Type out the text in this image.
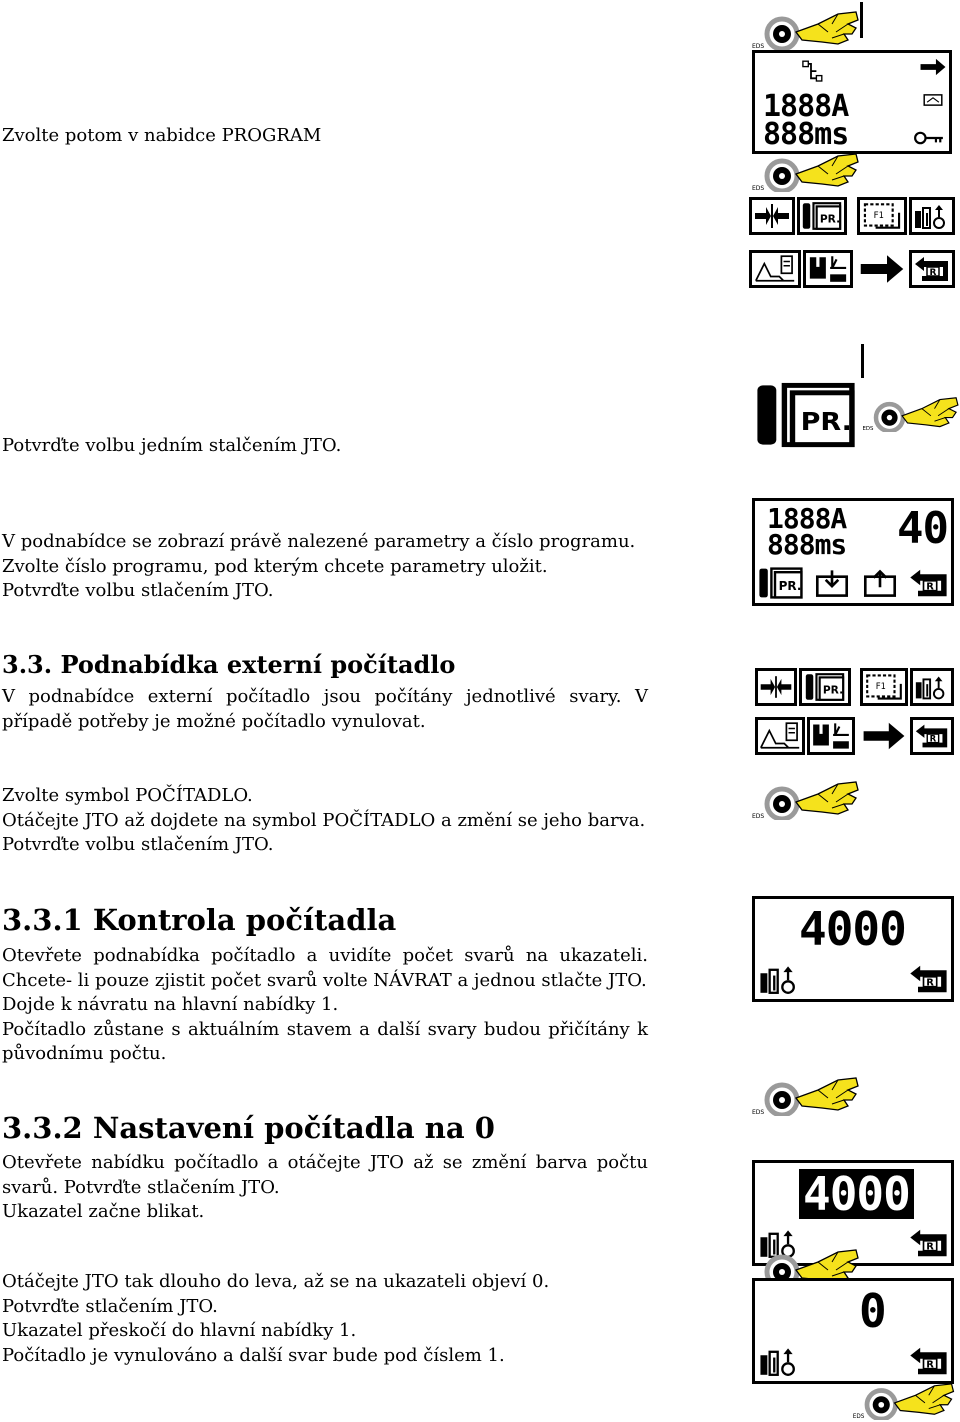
Zvolte potom v nabidce PROGRAM

Potvrďte volbu jedním stalčením JTO.

V podnabídce se zobrazí právě nalezené parametry a číslo programu.

Zvolte číslo programu, pod kterým chcete parametry uložit.

Potvrďte volbu stlačením JTO.

3.3. Podnabídka externí počítadlo

V podnabídce externí počítadlo jsou počítány jednotlivé svary. V případě potřeby je možné počítadlo vynulovat.

Zvolte symbol POČÍTADLO.

Otáčejte JTO až dojdete na symbol POČÍTADLO a změní se jeho barva.

Potvrďte volbu stlačením JTO.

3.3.1 Kontrola počítadla

Otevřete podnabídka počítadlo a uvidíte počet svarů na ukazateli. Chcete- li pouze zjistit počet svarů volte NÁVRAT a jednou stlačte JTO.

Dojde k návratu na hlavní nabídky 1.

Počítadlo zůstane s aktuálním stavem a další svary budou přičítány k původnímu počtu.

3.3.2 Nastavení počítadla na 0

Otevřete nabídku počítadlo a otáčejte JTO až se změní barva počtu svarů. Potvrďte stlačením JTO.

Ukazatel začne blikat.

Otáčejte JTO tak dlouho do leva, až se na ukazateli objeví 0.

Potvrďte stlačením JTO.

Ukazatel přeskočí do hlavní nabídky 1.

Počítadlo je vynulováno a další svar bude pod číslem 1.

1888A
888ms
1888A
888ms 40
4000
4000
0
